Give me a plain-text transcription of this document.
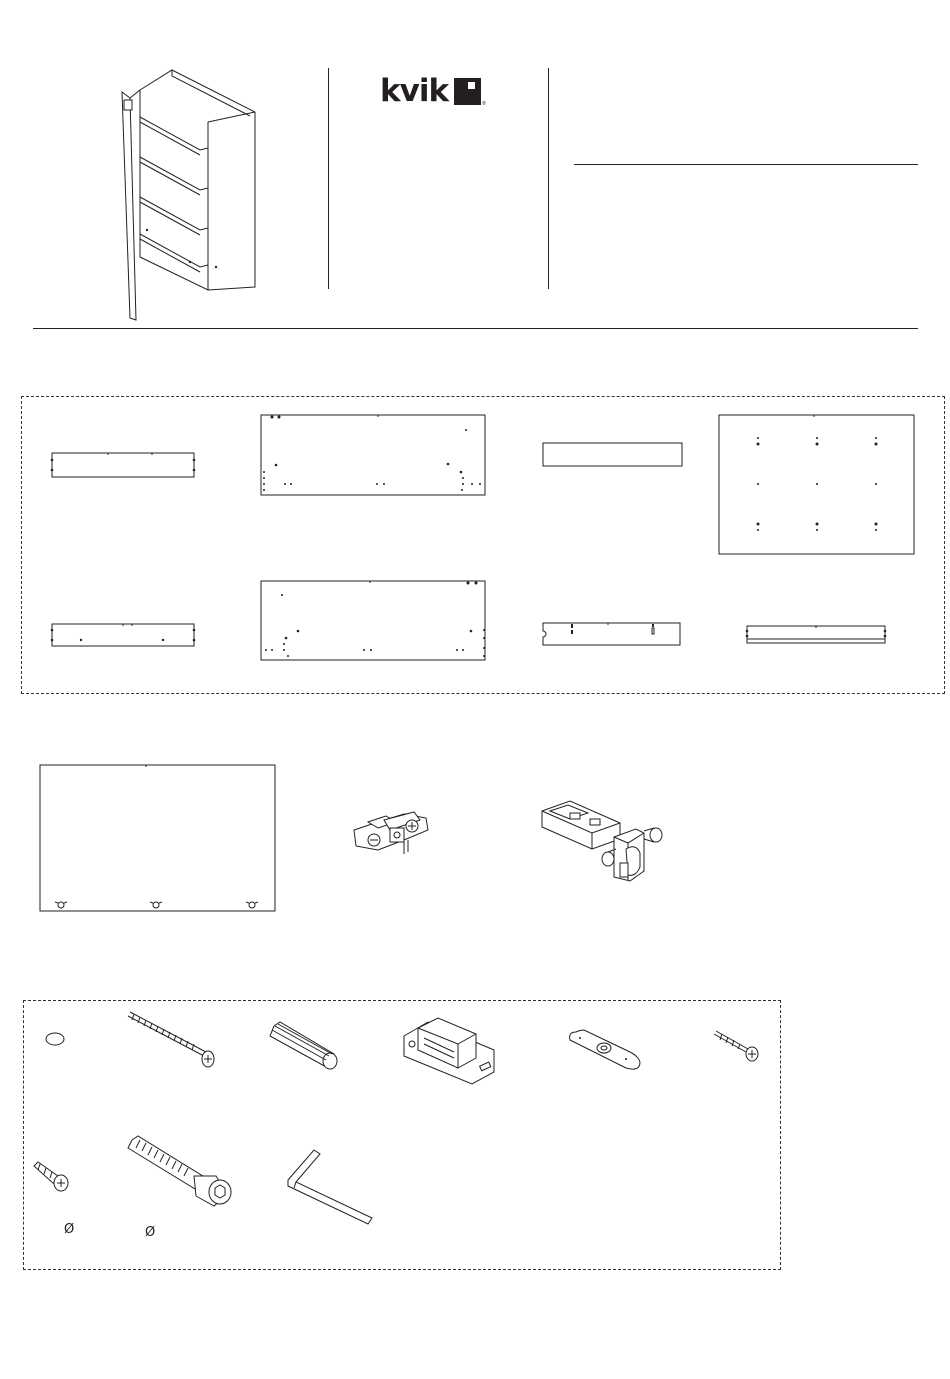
kvik	®
Ø	Ø
